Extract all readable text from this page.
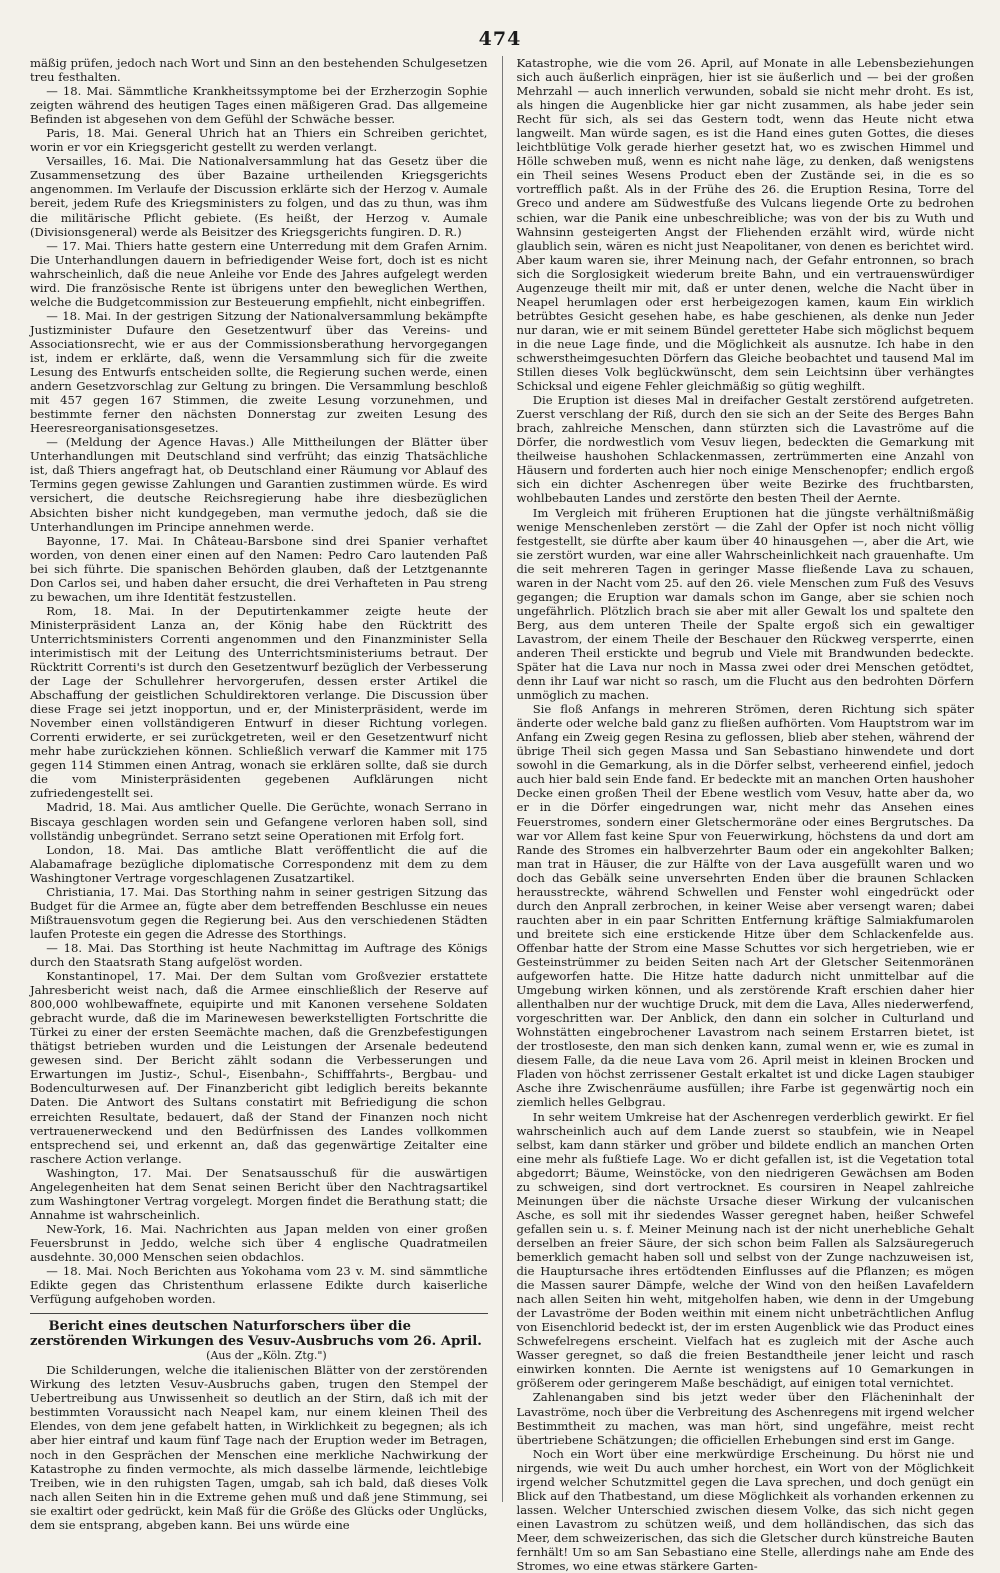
474

mäßig prüfen, jedoch nach Wort und Sinn an den bestehenden Schulgesetzen treu festhalten.

— 18. Mai. Sämmtliche Krankheitssymptome bei der Erzherzogin Sophie zeigten während des heutigen Tages einen mäßigeren Grad. Das allgemeine Befinden ist abgesehen von dem Gefühl der Schwäche besser.

Paris, 18. Mai. General Uhrich hat an Thiers ein Schreiben gerichtet, worin er vor ein Kriegsgericht gestellt zu werden verlangt.

Versailles, 16. Mai. Die Nationalversammlung hat das Gesetz über die Zusammensetzung des über Bazaine urtheilenden Kriegsgerichts angenommen. Im Verlaufe der Discussion erklärte sich der Herzog v. Aumale bereit, jedem Rufe des Kriegsministers zu folgen, und das zu thun, was ihm die militärische Pflicht gebiete. (Es heißt, der Herzog v. Aumale (Divisionsgeneral) werde als Beisitzer des Kriegsgerichts fungiren. D. R.)

— 17. Mai. Thiers hatte gestern eine Unterredung mit dem Grafen Arnim. Die Unterhandlungen dauern in befriedigender Weise fort, doch ist es nicht wahrscheinlich, daß die neue Anleihe vor Ende des Jahres aufgelegt werden wird. Die französische Rente ist übrigens unter den beweglichen Werthen, welche die Budgetcommission zur Besteuerung empfiehlt, nicht einbegriffen.

— 18. Mai. In der gestrigen Sitzung der Nationalversammlung bekämpfte Justizminister Dufaure den Gesetzentwurf über das Vereins- und Associationsrecht, wie er aus der Commissionsberathung hervorgegangen ist, indem er erklärte, daß, wenn die Versammlung sich für die zweite Lesung des Entwurfs entscheiden sollte, die Regierung suchen werde, einen andern Gesetzvorschlag zur Geltung zu bringen. Die Versammlung beschloß mit 457 gegen 167 Stimmen, die zweite Lesung vorzunehmen, und bestimmte ferner den nächsten Donnerstag zur zweiten Lesung des Heeresreorganisationsgesetzes.

— (Meldung der Agence Havas.) Alle Mittheilungen der Blätter über Unterhandlungen mit Deutschland sind verfrüht; das einzig Thatsächliche ist, daß Thiers angefragt hat, ob Deutschland einer Räumung vor Ablauf des Termins gegen gewisse Zahlungen und Garantien zustimmen würde. Es wird versichert, die deutsche Reichsregierung habe ihre diesbezüglichen Absichten bisher nicht kundgegeben, man vermuthe jedoch, daß sie die Unterhandlungen im Principe annehmen werde.

Bayonne, 17. Mai. In Château-Barsbone sind drei Spanier verhaftet worden, von denen einer einen auf den Namen: Pedro Caro lautenden Paß bei sich führte. Die spanischen Behörden glauben, daß der Letztgenannte Don Carlos sei, und haben daher ersucht, die drei Verhafteten in Pau streng zu bewachen, um ihre Identität festzustellen.

Rom, 18. Mai. In der Deputirtenkammer zeigte heute der Ministerpräsident Lanza an, der König habe den Rücktritt des Unterrichtsministers Correnti angenommen und den Finanzminister Sella interimistisch mit der Leitung des Unterrichtsministeriums betraut. Der Rücktritt Correnti's ist durch den Gesetzentwurf bezüglich der Verbesserung der Lage der Schullehrer hervorgerufen, dessen erster Artikel die Abschaffung der geistlichen Schuldirektoren verlange. Die Discussion über diese Frage sei jetzt inopportun, und er, der Ministerpräsident, werde im November einen vollständigeren Entwurf in dieser Richtung vorlegen. Correnti erwiderte, er sei zurückgetreten, weil er den Gesetzentwurf nicht mehr habe zurückziehen können. Schließlich verwarf die Kammer mit 175 gegen 114 Stimmen einen Antrag, wonach sie erklären sollte, daß sie durch die vom Ministerpräsidenten gegebenen Aufklärungen nicht zufriedengestellt sei.

Madrid, 18. Mai. Aus amtlicher Quelle. Die Gerüchte, wonach Serrano in Biscaya geschlagen worden sein und Gefangene verloren haben soll, sind vollständig unbegründet. Serrano setzt seine Operationen mit Erfolg fort.

London, 18. Mai. Das amtliche Blatt veröffentlicht die auf die Alabamafrage bezügliche diplomatische Correspondenz mit dem zu dem Washingtoner Vertrage vorgeschlagenen Zusatzartikel.

Christiania, 17. Mai. Das Storthing nahm in seiner gestrigen Sitzung das Budget für die Armee an, fügte aber dem betreffenden Beschlusse ein neues Mißtrauensvotum gegen die Regierung bei. Aus den verschiedenen Städten laufen Proteste ein gegen die Adresse des Storthings.

— 18. Mai. Das Storthing ist heute Nachmittag im Auftrage des Königs durch den Staatsrath Stang aufgelöst worden.

Konstantinopel, 17. Mai. Der dem Sultan vom Großvezier erstattete Jahresbericht weist nach, daß die Armee einschließlich der Reserve auf 800,000 wohlbewaffnete, equipirte und mit Kanonen versehene Soldaten gebracht wurde, daß die im Marinewesen bewerkstelligten Fortschritte die Türkei zu einer der ersten Seemächte machen, daß die Grenzbefestigungen thätigst betrieben wurden und die Leistungen der Arsenale bedeutend gewesen sind. Der Bericht zählt sodann die Verbesserungen und Erwartungen im Justiz-, Schul-, Eisenbahn-, Schifffahrts-, Bergbau- und Bodenculturwesen auf. Der Finanzbericht gibt lediglich bereits bekannte Daten. Die Antwort des Sultans constatirt mit Befriedigung die schon erreichten Resultate, bedauert, daß der Stand der Finanzen noch nicht vertrauenerweckend und den Bedürfnissen des Landes vollkommen entsprechend sei, und erkennt an, daß das gegenwärtige Zeitalter eine raschere Action verlange.

Washington, 17. Mai. Der Senatsausschuß für die auswärtigen Angelegenheiten hat dem Senat seinen Bericht über den Nachtragsartikel zum Washingtoner Vertrag vorgelegt. Morgen findet die Berathung statt; die Annahme ist wahrscheinlich.

New-York, 16. Mai. Nachrichten aus Japan melden von einer großen Feuersbrunst in Jeddo, welche sich über 4 englische Quadratmeilen ausdehnte. 30,000 Menschen seien obdachlos.

— 18. Mai. Noch Berichten aus Yokohama vom 23 v. M. sind sämmtliche Edikte gegen das Christenthum erlassene Edikte durch kaiserliche Verfügung aufgehoben worden.

Bericht eines deutschen Naturforschers über die zerstörenden Wirkungen des Vesuv-Ausbruchs vom 26. April.

(Aus der „Köln. Ztg.")

Die Schilderungen, welche die italienischen Blätter von der zerstörenden Wirkung des letzten Vesuv-Ausbruchs gaben, trugen den Stempel der Uebertreibung aus Unwissenheit so deutlich an der Stirn, daß ich mit der bestimmten Voraussicht nach Neapel kam, nur einem kleinen Theil des Elendes, von dem jene gefabelt hatten, in Wirklichkeit zu begegnen; als ich aber hier eintraf und kaum fünf Tage nach der Eruption weder im Betragen, noch in den Gesprächen der Menschen eine merkliche Nachwirkung der Katastrophe zu finden vermochte, als mich dasselbe lärmende, leichtlebige Treiben, wie in den ruhigsten Tagen, umgab, sah ich bald, daß dieses Volk nach allen Seiten hin in die Extreme gehen muß und daß jene Stimmung, sei sie exaltirt oder gedrückt, kein Maß für die Größe des Glücks oder Unglücks, dem sie entsprang, abgeben kann. Bei uns würde eine

Katastrophe, wie die vom 26. April, auf Monate in alle Lebensbeziehungen sich auch äußerlich einprägen, hier ist sie äußerlich und — bei der großen Mehrzahl — auch innerlich verwunden, sobald sie nicht mehr droht. Es ist, als hingen die Augenblicke hier gar nicht zusammen, als habe jeder sein Recht für sich, als sei das Gestern todt, wenn das Heute nicht etwa langweilt. Man würde sagen, es ist die Hand eines guten Gottes, die dieses leichtblütige Volk gerade hierher gesetzt hat, wo es zwischen Himmel und Hölle schweben muß, wenn es nicht nahe läge, zu denken, daß wenigstens ein Theil seines Wesens Product eben der Zustände sei, in die es so vortrefflich paßt. Als in der Frühe des 26. die Eruption Resina, Torre del Greco und andere am Südwestfuße des Vulcans liegende Orte zu bedrohen schien, war die Panik eine unbeschreibliche; was von der bis zu Wuth und Wahnsinn gesteigerten Angst der Fliehenden erzählt wird, würde nicht glaublich sein, wären es nicht just Neapolitaner, von denen es berichtet wird. Aber kaum waren sie, ihrer Meinung nach, der Gefahr entronnen, so brach sich die Sorglosigkeit wiederum breite Bahn, und ein vertrauenswürdiger Augenzeuge theilt mir mit, daß er unter denen, welche die Nacht über in Neapel herumlagen oder erst herbeigezogen kamen, kaum Ein wirklich betrübtes Gesicht gesehen habe, es habe geschienen, als denke nun Jeder nur daran, wie er mit seinem Bündel geretteter Habe sich möglichst bequem in die neue Lage finde, und die Möglichkeit als ausnutze. Ich habe in den schwerstheimgesuchten Dörfern das Gleiche beobachtet und tausend Mal im Stillen dieses Volk beglückwünscht, dem sein Leichtsinn über verhängtes Schicksal und eigene Fehler gleichmäßig so gütig weghilft.

Die Eruption ist dieses Mal in dreifacher Gestalt zerstörend aufgetreten. Zuerst verschlang der Riß, durch den sie sich an der Seite des Berges Bahn brach, zahlreiche Menschen, dann stürzten sich die Lavaströme auf die Dörfer, die nordwestlich vom Vesuv liegen, bedeckten die Gemarkung mit theilweise haushohen Schlackenmassen, zertrümmerten eine Anzahl von Häusern und forderten auch hier noch einige Menschenopfer; endlich ergoß sich ein dichter Aschenregen über weite Bezirke des fruchtbarsten, wohlbebauten Landes und zerstörte den besten Theil der Aernte.

Im Vergleich mit früheren Eruptionen hat die jüngste verhältnißmäßig wenige Menschenleben zerstört — die Zahl der Opfer ist noch nicht völlig festgestellt, sie dürfte aber kaum über 40 hinausgehen —, aber die Art, wie sie zerstört wurden, war eine aller Wahrscheinlichkeit nach grauenhafte. Um die seit mehreren Tagen in geringer Masse fließende Lava zu schauen, waren in der Nacht vom 25. auf den 26. viele Menschen zum Fuß des Vesuvs gegangen; die Eruption war damals schon im Gange, aber sie schien noch ungefährlich. Plötzlich brach sie aber mit aller Gewalt los und spaltete den Berg, aus dem unteren Theile der Spalte ergoß sich ein gewaltiger Lavastrom, der einem Theile der Beschauer den Rückweg versperrte, einen anderen Theil erstickte und begrub und Viele mit Brandwunden bedeckte. Später hat die Lava nur noch in Massa zwei oder drei Menschen getödtet, denn ihr Lauf war nicht so rasch, um die Flucht aus den bedrohten Dörfern unmöglich zu machen.

Sie floß Anfangs in mehreren Strömen, deren Richtung sich später änderte oder welche bald ganz zu fließen aufhörten. Vom Hauptstrom war im Anfang ein Zweig gegen Resina zu geflossen, blieb aber stehen, während der übrige Theil sich gegen Massa und San Sebastiano hinwendete und dort sowohl in die Gemarkung, als in die Dörfer selbst, verheerend einfiel, jedoch auch hier bald sein Ende fand. Er bedeckte mit an manchen Orten haushoher Decke einen großen Theil der Ebene westlich vom Vesuv, hatte aber da, wo er in die Dörfer eingedrungen war, nicht mehr das Ansehen eines Feuerstromes, sondern einer Gletschermoräne oder eines Bergrutsches. Da war vor Allem fast keine Spur von Feuerwirkung, höchstens da und dort am Rande des Stromes ein halbverzehrter Baum oder ein angekohlter Balken; man trat in Häuser, die zur Hälfte von der Lava ausgefüllt waren und wo doch das Gebälk seine unversehrten Enden über die braunen Schlacken herausstreckte, während Schwellen und Fenster wohl eingedrückt oder durch den Anprall zerbrochen, in keiner Weise aber versengt waren; dabei rauchten aber in ein paar Schritten Entfernung kräftige Salmiakfumarolen und breitete sich eine erstickende Hitze über dem Schlackenfelde aus. Offenbar hatte der Strom eine Masse Schuttes vor sich hergetrieben, wie er Gesteinstrümmer zu beiden Seiten nach Art der Gletscher Seitenmoränen aufgeworfen hatte. Die Hitze hatte dadurch nicht unmittelbar auf die Umgebung wirken können, und als zerstörende Kraft erschien daher hier allenthalben nur der wuchtige Druck, mit dem die Lava, Alles niederwerfend, vorgeschritten war. Der Anblick, den dann ein solcher in Culturland und Wohnstätten eingebrochener Lavastrom nach seinem Erstarren bietet, ist der trostloseste, den man sich denken kann, zumal wenn er, wie es zumal in diesem Falle, da die neue Lava vom 26. April meist in kleinen Brocken und Fladen von höchst zerrissener Gestalt erkaltet ist und dicke Lagen staubiger Asche ihre Zwischenräume ausfüllen; ihre Farbe ist gegenwärtig noch ein ziemlich helles Gelbgrau.

In sehr weitem Umkreise hat der Aschenregen verderblich gewirkt. Er fiel wahrscheinlich auch auf dem Lande zuerst so staubfein, wie in Neapel selbst, kam dann stärker und gröber und bildete endlich an manchen Orten eine mehr als fußtiefe Lage. Wo er dicht gefallen ist, ist die Vegetation total abgedorrt; Bäume, Weinstöcke, von den niedrigeren Gewächsen am Boden zu schweigen, sind dort vertrocknet. Es coursiren in Neapel zahlreiche Meinungen über die nächste Ursache dieser Wirkung der vulcanischen Asche, es soll mit ihr siedendes Wasser geregnet haben, heißer Schwefel gefallen sein u. s. f. Meiner Meinung nach ist der nicht unerhebliche Gehalt derselben an freier Säure, der sich schon beim Fallen als Salzsäuregeruch bemerklich gemacht haben soll und selbst von der Zunge nachzuweisen ist, die Hauptursache ihres ertödtenden Einflusses auf die Pflanzen; es mögen die Massen saurer Dämpfe, welche der Wind von den heißen Lavafeldern nach allen Seiten hin weht, mitgeholfen haben, wie denn in der Umgebung der Lavaströme der Boden weithin mit einem nicht unbeträchtlichen Anflug von Eisenchlorid bedeckt ist, der im ersten Augenblick wie das Product eines Schwefelregens erscheint. Vielfach hat es zugleich mit der Asche auch Wasser geregnet, so daß die freien Bestandtheile jener leicht und rasch einwirken konnten. Die Aernte ist wenigstens auf 10 Gemarkungen in größerem oder geringerem Maße beschädigt, auf einigen total vernichtet.

Zahlenangaben sind bis jetzt weder über den Flächeninhalt der Lavaströme, noch über die Verbreitung des Aschenregens mit irgend welcher Bestimmtheit zu machen, was man hört, sind ungefähre, meist recht übertriebene Schätzungen; die officiellen Erhebungen sind erst im Gange.

Noch ein Wort über eine merkwürdige Erscheinung. Du hörst nie und nirgends, wie weit Du auch umher horchest, ein Wort von der Möglichkeit irgend welcher Schutzmittel gegen die Lava sprechen, und doch genügt ein Blick auf den Thatbestand, um diese Möglichkeit als vorhanden erkennen zu lassen. Welcher Unterschied zwischen diesem Volke, das sich nicht gegen einen Lavastrom zu schützen weiß, und dem holländischen, das sich das Meer, dem schweizerischen, das sich die Gletscher durch künstreiche Bauten fernhält! Um so am San Sebastiano eine Stelle, allerdings nahe am Ende des Stromes, wo eine etwas stärkere Garten-
